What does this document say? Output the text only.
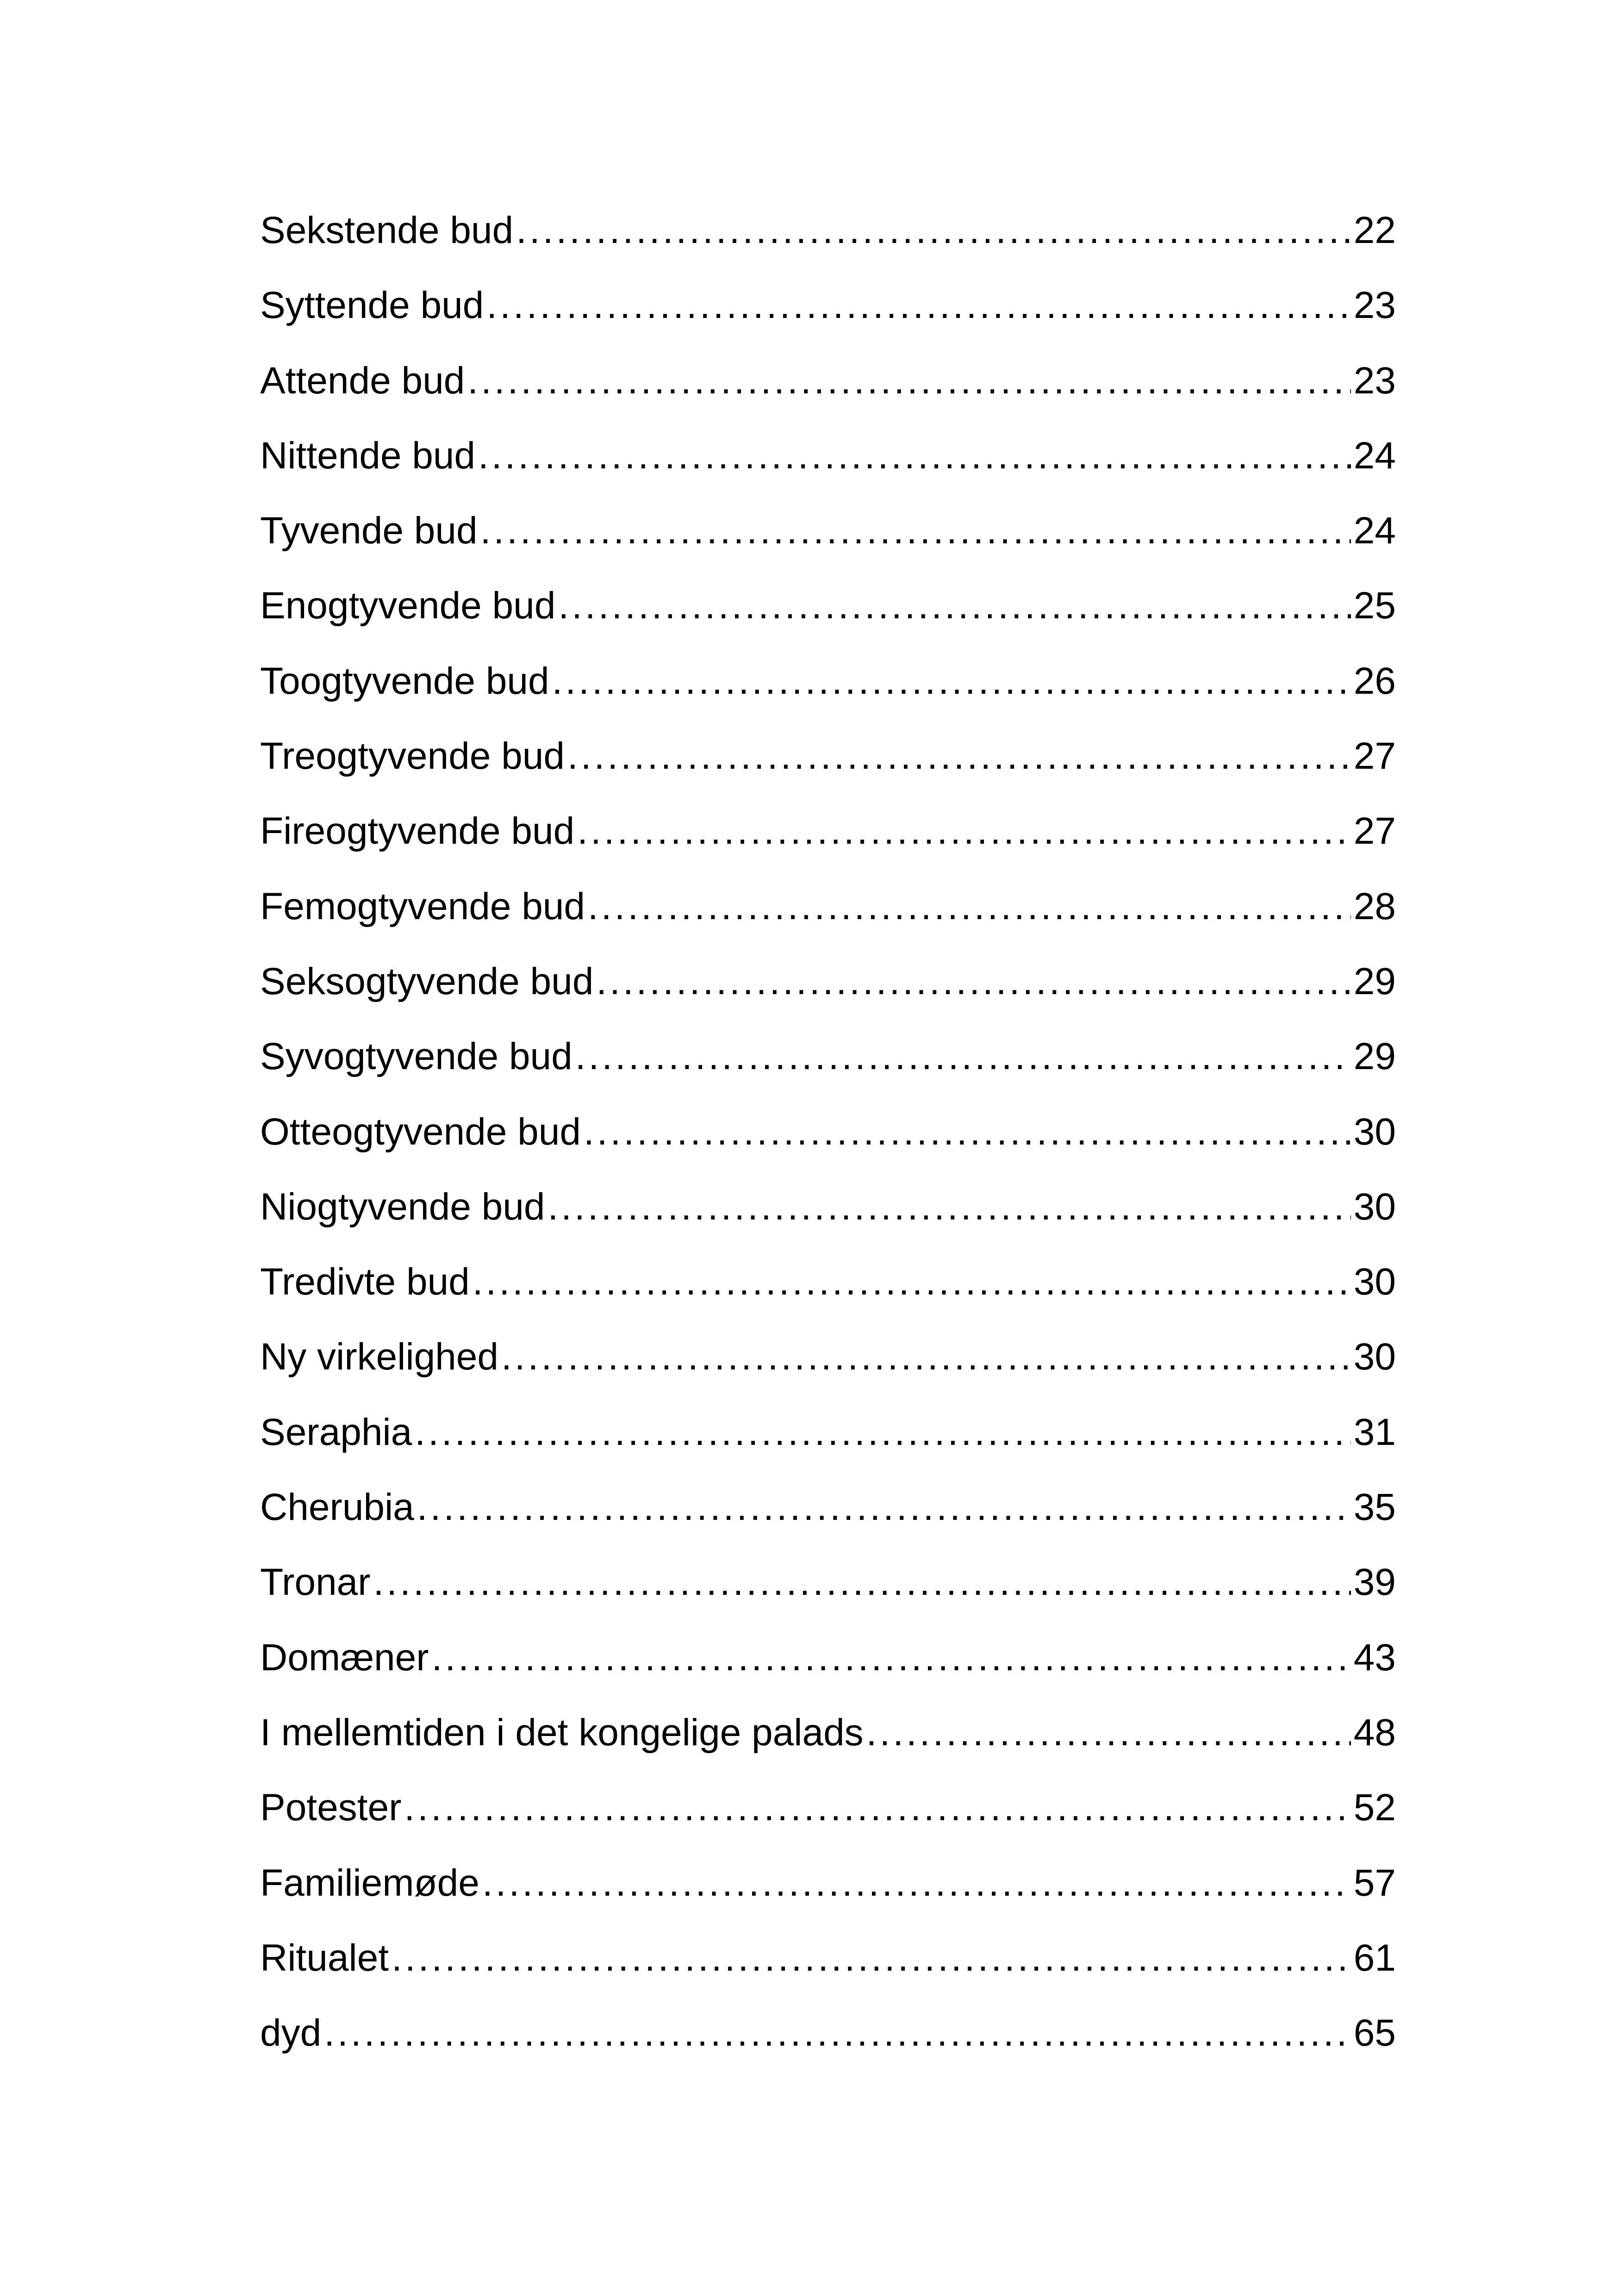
Sekstende bud .....	22
Syttende bud .....	23
Attende bud .....	23
Nittende bud .....	24
Tyvende bud .....	24
Enogtyvende bud .....	25
Toogtyvende bud .....	26
Treogtyvende bud .....	27
Fireogtyvende bud .....	27
Femogtyvende bud .....	28
Seksogtyvende bud .....	29
Syvogtyvende bud .....	29
Otteogtyvende bud .....	30
Niogtyvende bud .....	30
Tredivte bud .....	30
Ny virkelighed .....	30
Seraphia .....	31
Cherubia .....	35
Tronar .....	39
Domæner .....	43
I mellemtiden i det kongelige palads .....	48
Potester .....	52
Familiemøde .....	57
Ritualet .....	61
dyd .....	65
